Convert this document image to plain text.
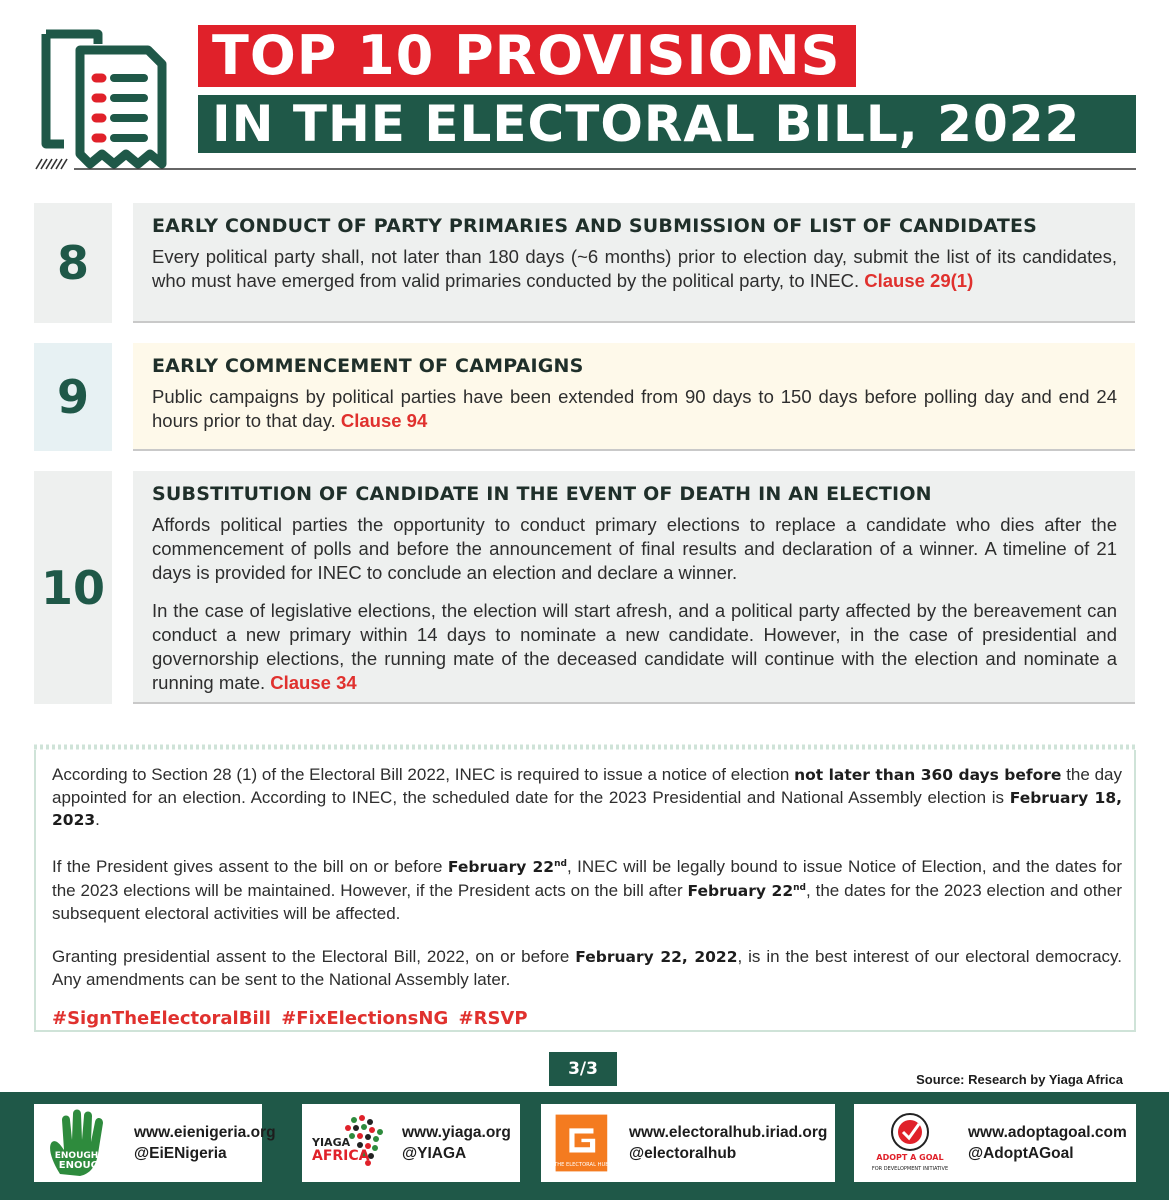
TOP 10 PROVISIONS
IN THE ELECTORAL BILL, 2022
8
EARLY CONDUCT OF PARTY PRIMARIES AND SUBMISSION OF LIST OF CANDIDATES
Every political party shall, not later than 180 days (~6 months) prior to election day, submit the list of its candidates, who must have emerged from valid primaries conducted by the political party, to INEC. Clause 29(1)
9
EARLY COMMENCEMENT OF CAMPAIGNS
Public campaigns by political parties have been extended from 90 days to 150 days before polling day and end 24 hours prior to that day. Clause 94
10
SUBSTITUTION OF CANDIDATE IN THE EVENT OF DEATH IN AN ELECTION
Affords political parties the opportunity to conduct primary elections to replace a candidate who dies after the commencement of polls and before the announcement of final results and declaration of a winner. A timeline of 21 days is provided for INEC to conclude an election and declare a winner.
In the case of legislative elections, the election will start afresh, and a political party affected by the bereavement can conduct a new primary within 14 days to nominate a new candidate. However, in the case of presidential and governorship elections, the running mate of the deceased candidate will continue with the election and nominate a running mate. Clause 34

According to Section 28 (1) of the Electoral Bill 2022, INEC is required to issue a notice of election not later than 360 days before the day appointed for an election. According to INEC, the scheduled date for the 2023 Presidential and National Assembly election is February 18, 2023.

If the President gives assent to the bill on or before February 22nd, INEC will be legally bound to issue Notice of Election, and the dates for the 2023 elections will be maintained. However, if the President acts on the bill after February 22nd, the dates for the 2023 election and other subsequent electoral activities will be affected.

Granting presidential assent to the Electoral Bill, 2022, on or before February 22, 2022, is in the best interest of our electoral democracy. Any amendments can be sent to the National Assembly later.

#SignTheElectoralBill #FixElectionsNG #RSVP
3/3
Source: Research by Yiaga Africa
ENOUGH IS
ENOUGH
www.eienigeria.org
@EiENigeria
YIAGA
AFRICA
www.yiaga.org
@YIAGA
THE ELECTORAL HUB
www.electoralhub.iriad.org
@electoralhub	ADOPT A GOAL
FOR DEVELOPMENT INITIATIVE
www.adoptagoal.com
@AdoptAGoal
